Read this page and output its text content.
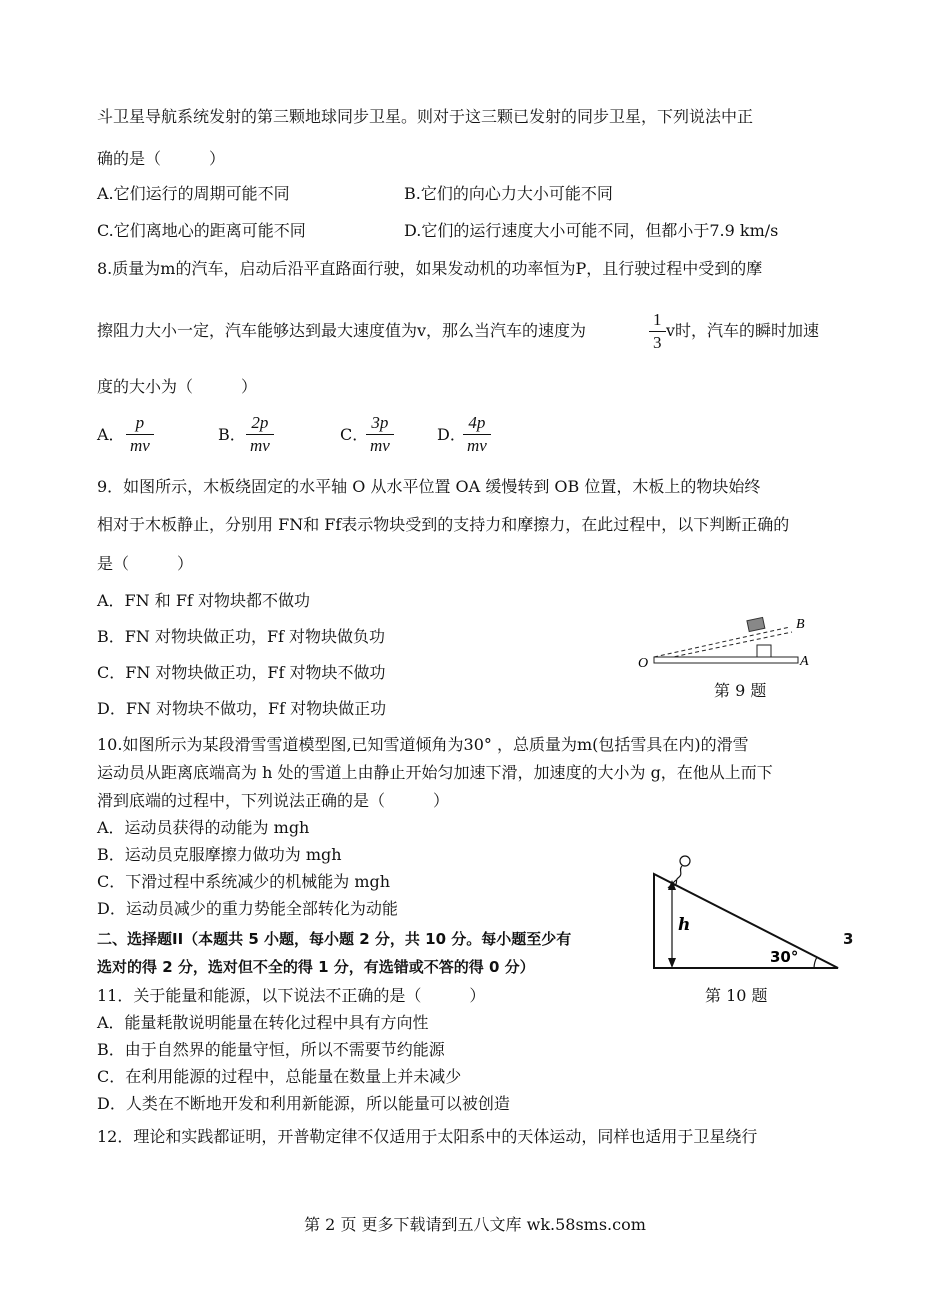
斗卫星导航系统发射的第三颗地球同步卫星。则对于这三颗已发射的同步卫星，下列说法中正
确的是（　　　）
A.它们运行的周期可能不同	B.它们的向心力大小可能不同
C.它们离地心的距离可能不同	D.它们的运行速度大小可能不同，但都小于7.9 km/s
8.质量为m的汽车，启动后沿平直路面行驶，如果发动机的功率恒为P，且行驶过程中受到的摩
擦阻力大小一定，汽车能够达到最大速度值为v，那么当汽车的速度为
1
3
v时，汽车的瞬时加速
度的大小为（　　　）
A．
p
mv
B．
2p
mv
C．
3p
mv
D．
4p
mv
9．如图所示，木板绕固定的水平轴 O 从水平位置 OA 缓慢转到 OB 位置，木板上的物块始终
相对于木板静止，分别用 FN和 Ff表示物块受到的支持力和摩擦力，在此过程中，以下判断正确的
是（　　　）
A．FN 和 Ff 对物块都不做功
B．FN 对物块做正功，Ff 对物块做负功
C．FN 对物块做正功，Ff 对物块不做功
D．FN 对物块不做功，Ff 对物块做正功
O	A
B
第 9 题
10.如图所示为某段滑雪雪道模型图,已知雪道倾角为30° ，总质量为m(包括雪具在内)的滑雪
运动员从距离底端高为 h 处的雪道上由静止开始匀加速下滑，加速度的大小为 g，在他从上而下
滑到底端的过程中，下列说法正确的是（　　　）
A．运动员获得的动能为 mgh
B．运动员克服摩擦力做功为 mgh
C．下滑过程中系统减少的机械能为 mgh
D．运动员减少的重力势能全部转化为动能
二、选择题II（本题共 5 小题，每小题 2 分，共 10 分。每小题至少有	3
选对的得 2 分，选对但不全的得 1 分，有选错或不答的得 0 分）
h
30°
第 10 题
11．关于能量和能源，以下说法不正确的是（　　　）
A．能量耗散说明能量在转化过程中具有方向性
B．由于自然界的能量守恒，所以不需要节约能源
C．在利用能源的过程中，总能量在数量上并未减少
D．人类在不断地开发和利用新能源，所以能量可以被创造
12．理论和实践都证明，开普勒定律不仅适用于太阳系中的天体运动，同样也适用于卫星绕行
第 2 页 更多下载请到五八文库 wk.58sms.com
